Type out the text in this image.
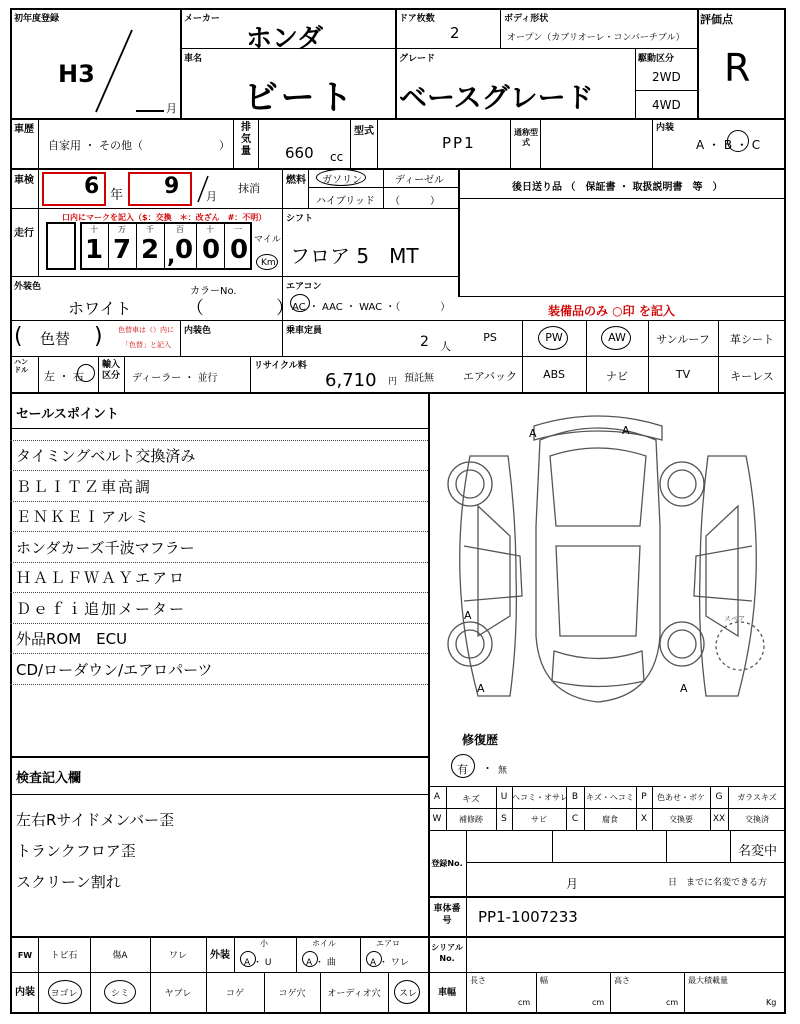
初年度登録
H3
月
メーカー
ホンダ
ドア枚数
2
ボディ形状
オープン（カブリオーレ・コンバーチブル）
評価点
R
車名
ビート
グレード
ベースグレード
駆動区分
2WD
4WD
車歴
自家用 ・ その他（	）
排気量 660 cc
型式
PP1
通称型式
内装
A ・ B ・ C
車検 6 年 9 月
抹消
燃料 ガソリン	ディーゼル
ハイブリッド （　　　）
後日送り品 （　保証書 ・ 取扱説明書　等　）
走行
口内にマークを記入（$：交換　＊：改ざん　#：不明）
十	万	千	百	十	一
1 7 2 , 0 0 0 マイル
Km
シフト
フロア 5　MT
外装色
ホワイト
カラーNo.
（　　　　）
エアコン
AC ・ AAC ・ WAC ・（　　　　）	装備品のみ ○印 を記入
( 色替 ) 色替車は（）内に
「色替」と記入
内装色	乗車定員
2 人
PS	PW	AW	サンルーフ	革シート
ハンドル 左 ・ 右
輸入区分 ディーラー ・ 並行
リサイクル料
6,710 円 預託無	エアバック	ABS	ナビ	TV	キーレス
セールスポイント
タイミングベルト交換済み
ＢＬＩＴＺ車高調
ＥＮＫＥＩアルミ
ホンダカーズ千波マフラー
ＨＡＬＦＷＡＹエアロ
Ｄｅｆｉ追加メーター
外品ROM　ECU
CD/ローダウン/エアロパーツ
A	A
A
A	A
スペア
修復歴
有 ・ 無
検査記入欄
左右Rサイドメンバー歪
トランクフロア歪
スクリーン割れ
A	キズ	U ヘコミ・オサレ B キズ・ヘコミ P	色あせ・ボケ	G	ガラスキズ
W	補修跡	S	サビ	C	腐食	X	交換要	XX	交換済
登録No.
名変中
月	日　までに名変できる方
車体番号	PP1-1007233
FW	トビ石	傷A	ワレ	外装
小
A ・ U
ホイル
A ・ 曲
エアロ
A ・ ワレ
シリアルNo.
内装	ヨゴレ	シミ	ヤブレ	コゲ	コゲ穴	オーディオ穴	スレ	車幅
長さ
cm
幅
cm
高さ
cm
最大積載量
Kg
